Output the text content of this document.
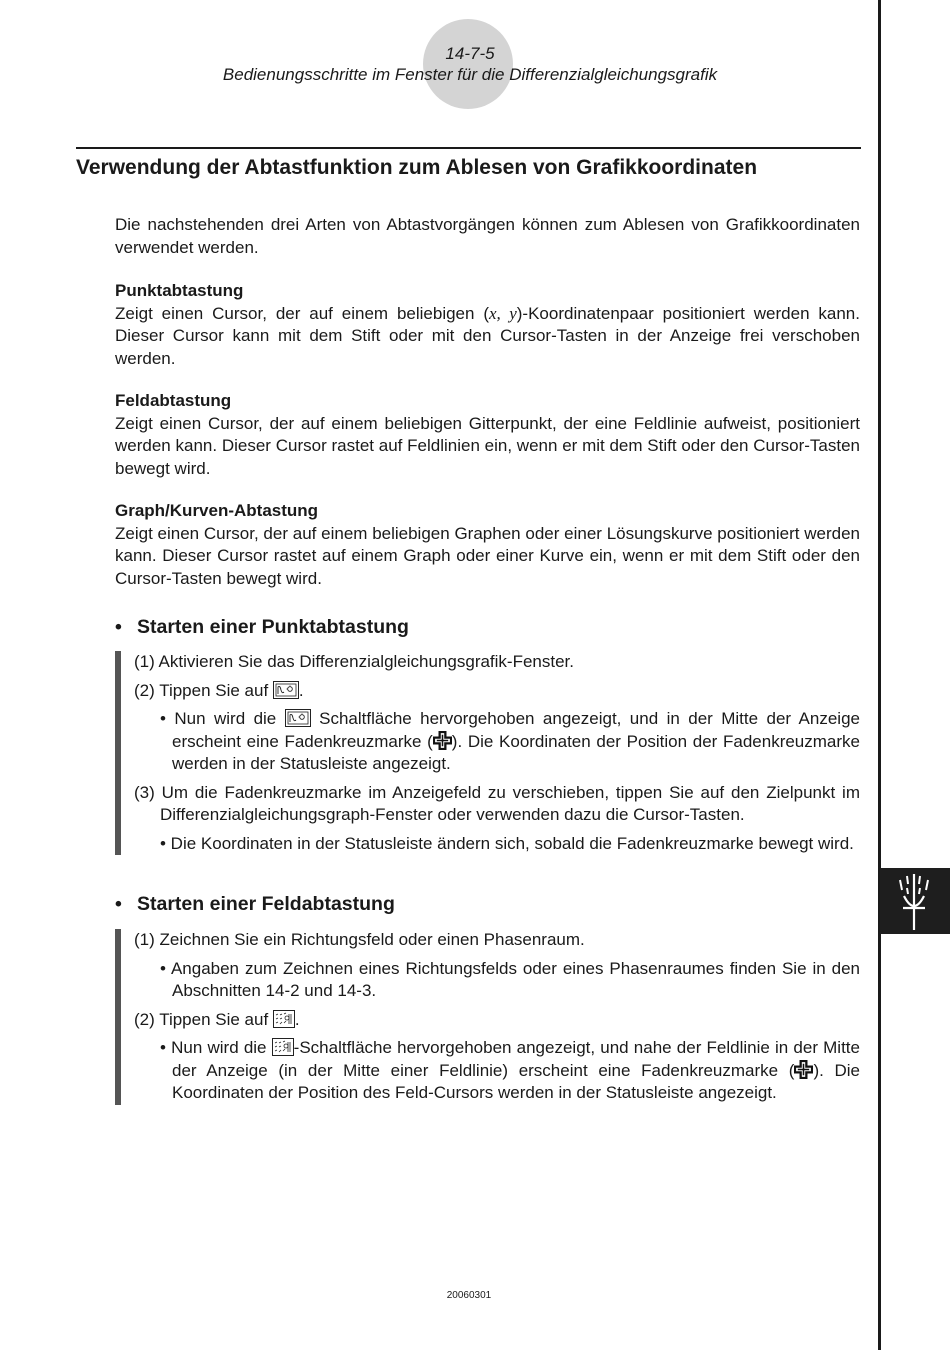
14-7-5
Bedienungsschritte im Fenster für die Differenzialgleichungsgrafik
Verwendung der Abtastfunktion zum Ablesen von Grafikkoordinaten

Die nachstehenden drei Arten von Abtastvorgängen können zum Ablesen von Grafikkoordinaten verwendet werden.

Punktabtastung

Zeigt einen Cursor, der auf einem beliebigen (x, y)-Koordinatenpaar positioniert werden kann. Dieser Cursor kann mit dem Stift oder mit den Cursor-Tasten in der Anzeige frei verschoben werden.

Feldabtastung

Zeigt einen Cursor, der auf einem beliebigen Gitterpunkt, der eine Feldlinie aufweist, positioniert werden kann. Dieser Cursor rastet auf Feldlinien ein, wenn er mit dem Stift oder den Cursor-Tasten bewegt wird.

Graph/Kurven-Abtastung

Zeigt einen Cursor, der auf einem beliebigen Graphen oder einer Lösungskurve positioniert werden kann. Dieser Cursor rastet auf einem Graph oder einer Kurve ein, wenn er mit dem Stift oder den Cursor-Tasten bewegt wird.

• Starten einer Punktabtastung
(1) Aktivieren Sie das Differenzialgleichungsgrafik-Fenster.
(2) Tippen Sie auf .
• Nun wird die  Schaltfläche hervorgehoben angezeigt, und in der Mitte der Anzeige erscheint eine Fadenkreuzmarke ( ). Die Koordinaten der Position der Fadenkreuzmarke werden in der Statusleiste angezeigt.
(3) Um die Fadenkreuzmarke im Anzeigefeld zu verschieben, tippen Sie auf den Zielpunkt im Differenzialgleichungsgraph-Fenster oder verwenden dazu die Cursor-Tasten.
• Die Koordinaten in der Statusleiste ändern sich, sobald die Fadenkreuzmarke bewegt wird.
• Starten einer Feldabtastung
(1) Zeichnen Sie ein Richtungsfeld oder einen Phasenraum.
• Angaben zum Zeichnen eines Richtungsfelds oder eines Phasenraumes finden Sie in den Abschnitten 14-2 und 14-3.
(2) Tippen Sie auf .
• Nun wird die -Schaltfläche hervorgehoben angezeigt, und nahe der Feldlinie in der Mitte der Anzeige (in der Mitte einer Feldlinie) erscheint eine Fadenkreuzmarke ( ). Die Koordinaten der Position des Feld-Cursors werden in der Statusleiste angezeigt.
20060301
